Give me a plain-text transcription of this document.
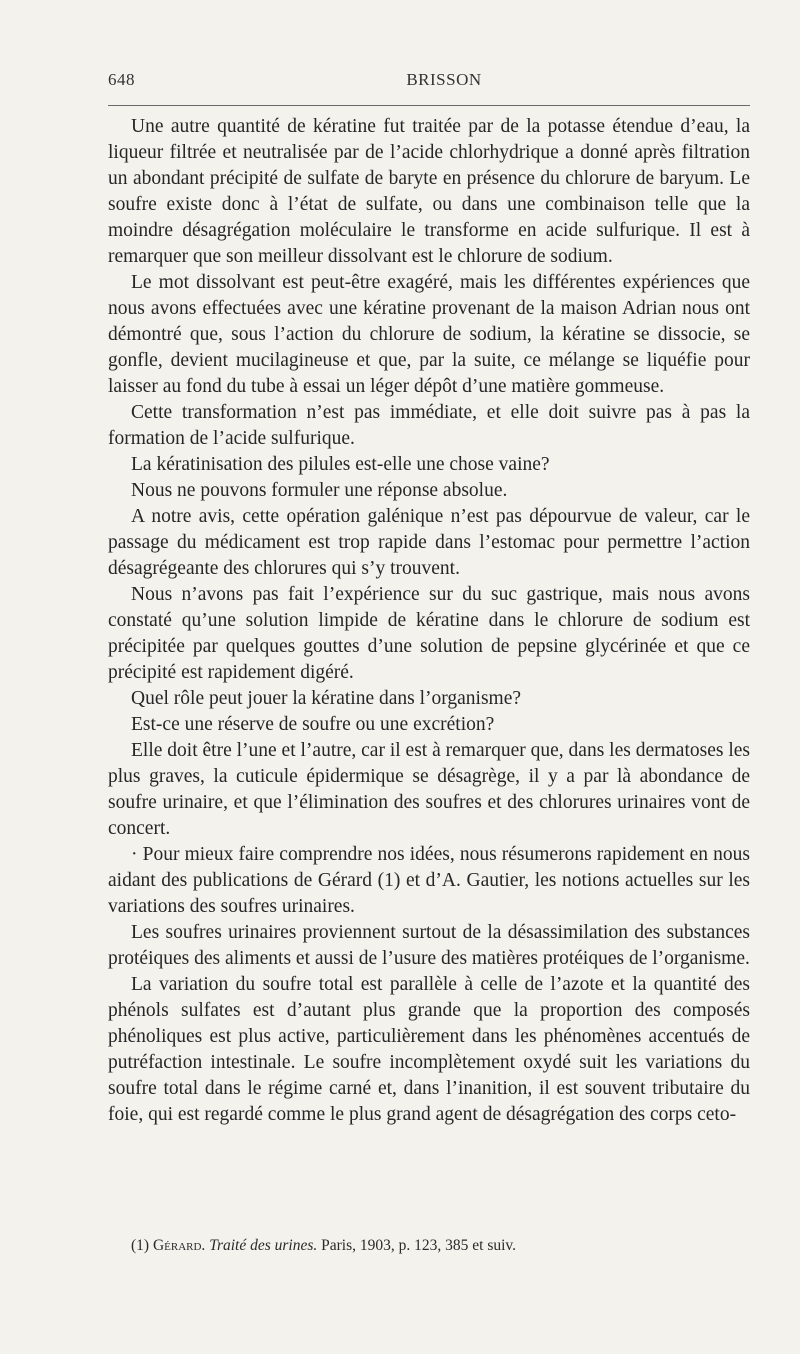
648	BRISSON

Une autre quantité de kératine fut traitée par de la potasse étendue d’eau, la liqueur filtrée et neutralisée par de l’acide chlorhydrique a donné après filtration un abondant précipité de sulfate de baryte en présence du chlorure de baryum. Le soufre existe donc à l’état de sulfate, ou dans une combinaison telle que la moindre désagrégation moléculaire le transforme en acide sulfurique. Il est à remarquer que son meilleur dissolvant est le chlorure de sodium.

Le mot dissolvant est peut-être exagéré, mais les différentes expériences que nous avons effectuées avec une kératine provenant de la maison Adrian nous ont démontré que, sous l’action du chlorure de sodium, la kératine se dissocie, se gonfle, devient mucilagineuse et que, par la suite, ce mélange se liquéfie pour laisser au fond du tube à essai un léger dépôt d’une matière gommeuse.

Cette transformation n’est pas immédiate, et elle doit suivre pas à pas la formation de l’acide sulfurique.

La kératinisation des pilules est-elle une chose vaine?

Nous ne pouvons formuler une réponse absolue.

A notre avis, cette opération galénique n’est pas dépourvue de valeur, car le passage du médicament est trop rapide dans l’estomac pour permettre l’action désagrégeante des chlorures qui s’y trouvent.

Nous n’avons pas fait l’expérience sur du suc gastrique, mais nous avons constaté qu’une solution limpide de kératine dans le chlorure de sodium est précipitée par quelques gouttes d’une solution de pepsine glycérinée et que ce précipité est rapidement digéré.

Quel rôle peut jouer la kératine dans l’organisme?

Est-ce une réserve de soufre ou une excrétion?

Elle doit être l’une et l’autre, car il est à remarquer que, dans les dermatoses les plus graves, la cuticule épidermique se désagrège, il y a par là abondance de soufre urinaire, et que l’élimination des soufres et des chlorures urinaires vont de concert.

· Pour mieux faire comprendre nos idées, nous résumerons rapidement en nous aidant des publications de Gérard (1) et d’A. Gautier, les notions actuelles sur les variations des soufres urinaires.

Les soufres urinaires proviennent surtout de la désassimilation des substances protéiques des aliments et aussi de l’usure des matières protéiques de l’organisme.

La variation du soufre total est parallèle à celle de l’azote et la quantité des phénols sulfates est d’autant plus grande que la proportion des composés phénoliques est plus active, particulièrement dans les phénomènes accentués de putréfaction intestinale. Le soufre incomplètement oxydé suit les variations du soufre total dans le régime carné et, dans l’inanition, il est souvent tributaire du foie, qui est regardé comme le plus grand agent de désagrégation des corps ceto-

(1) Gérard. Traité des urines. Paris, 1903, p. 123, 385 et suiv.
